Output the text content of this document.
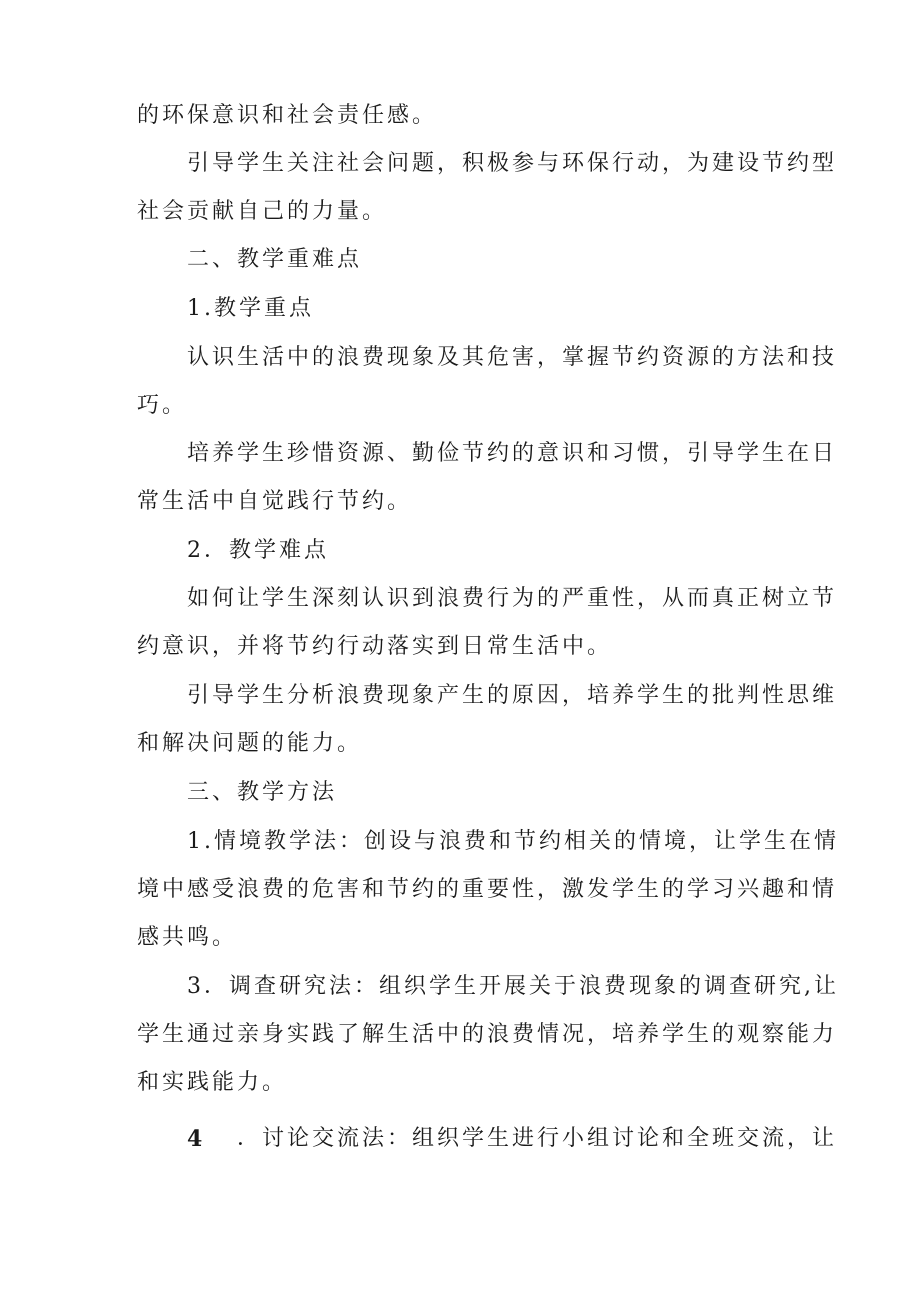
的环保意识和社会责任感。
引导学生关注社会问题，积极参与环保行动，为建设节约型
社会贡献自己的力量。
二、教学重难点
1.教学重点
认识生活中的浪费现象及其危害，掌握节约资源的方法和技
巧。
培养学生珍惜资源、勤俭节约的意识和习惯，引导学生在日
常生活中自觉践行节约。
2．教学难点
如何让学生深刻认识到浪费行为的严重性，从而真正树立节
约意识，并将节约行动落实到日常生活中。
引导学生分析浪费现象产生的原因，培养学生的批判性思维
和解决问题的能力。
三、教学方法
1.情境教学法：创设与浪费和节约相关的情境，让学生在情
境中感受浪费的危害和节约的重要性，激发学生的学习兴趣和情
感共鸣。
3．调查研究法：组织学生开展关于浪费现象的调查研究,让
学生通过亲身实践了解生活中的浪费情况，培养学生的观察能力
和实践能力。
4 ．讨论交流法：组织学生进行小组讨论和全班交流，让
